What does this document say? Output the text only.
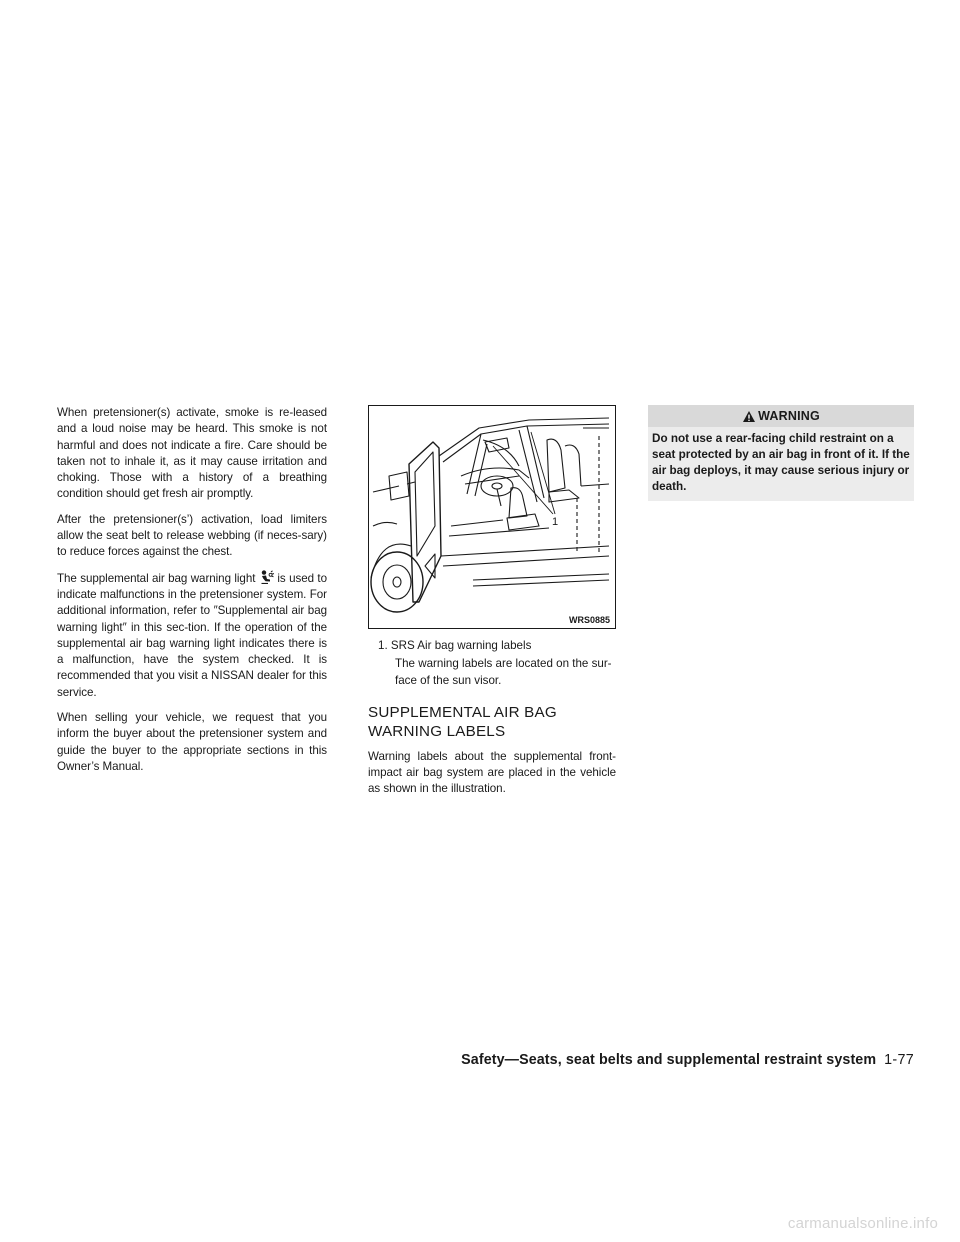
When pretensioner(s) activate, smoke is re-leased and a loud noise may be heard. This smoke is not harmful and does not indicate a fire. Care should be taken not to inhale it, as it may cause irritation and choking. Those with a history of a breathing condition should get fresh air promptly.

After the pretensioner(s’) activation, load limiters allow the seat belt to release webbing (if neces-sary) to reduce forces against the chest.

The supplemental air bag warning light is used to indicate malfunctions in the pretensioner system. For additional information, refer to ″Supplemental air bag warning light″ in this sec-tion. If the operation of the supplemental air bag warning light indicates there is a malfunction, have the system checked. It is recommended that you visit a NISSAN dealer for this service.

When selling your vehicle, we request that you inform the buyer about the pretensioner system and guide the buyer to the appropriate sections in this Owner’s Manual.

1
WRS0885
1. SRS Air bag warning labels
The warning labels are located on the sur-face of the sun visor.
SUPPLEMENTAL AIR BAG
WARNING LABELS

Warning labels about the supplemental front-impact air bag system are placed in the vehicle as shown in the illustration.

WARNING
Do not use a rear-facing child restraint on a seat protected by an air bag in front of it. If the air bag deploys, it may cause serious injury or death.
Safety—Seats, seat belts and supplemental restraint system 1-77
carmanualsonline.info
